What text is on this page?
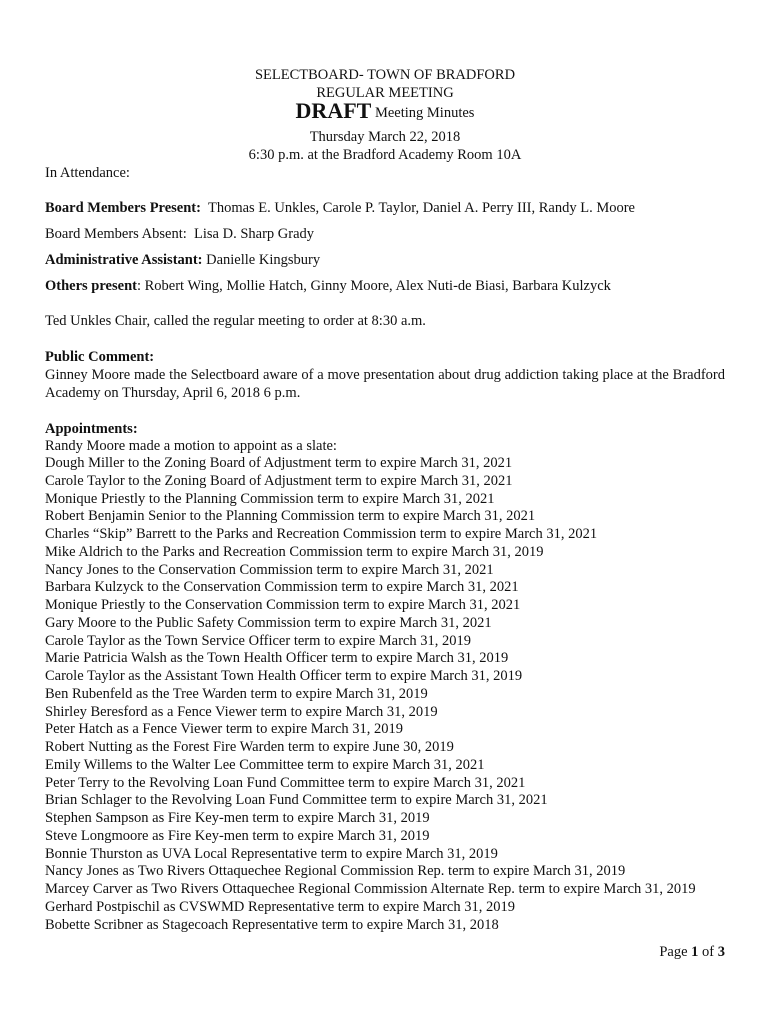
SELECTBOARD- TOWN OF BRADFORD
REGULAR MEETING
DRAFT Meeting Minutes
Thursday March 22, 2018
6:30 p.m. at the Bradford Academy Room 10A
In Attendance:
Board Members Present: Thomas E. Unkles, Carole P. Taylor, Daniel A. Perry III, Randy L. Moore
Board Members Absent: Lisa D. Sharp Grady
Administrative Assistant: Danielle Kingsbury
Others present: Robert Wing, Mollie Hatch, Ginny Moore, Alex Nuti-de Biasi, Barbara Kulzyck
Ted Unkles Chair, called the regular meeting to order at 8:30 a.m.
Public Comment:
Ginney Moore made the Selectboard aware of a move presentation about drug addiction taking place at the Bradford Academy on Thursday, April 6, 2018 6 p.m.
Appointments:
Randy Moore made a motion to appoint as a slate:
Dough Miller to the Zoning Board of Adjustment term to expire March 31, 2021
Carole Taylor to the Zoning Board of Adjustment term to expire March 31, 2021
Monique Priestly to the Planning Commission term to expire March 31, 2021
Robert Benjamin Senior to the Planning Commission term to expire March 31, 2021
Charles “Skip” Barrett to the Parks and Recreation Commission term to expire March 31, 2021
Mike Aldrich to the Parks and Recreation Commission term to expire March 31, 2019
Nancy Jones to the Conservation Commission term to expire March 31, 2021
Barbara Kulzyck to the Conservation Commission term to expire March 31, 2021
Monique Priestly to the Conservation Commission term to expire March 31, 2021
Gary Moore to the Public Safety Commission term to expire March 31, 2021
Carole Taylor as the Town Service Officer term to expire March 31, 2019
Marie Patricia Walsh as the Town Health Officer term to expire March 31, 2019
Carole Taylor as the Assistant Town Health Officer term to expire March 31, 2019
Ben Rubenfeld as the Tree Warden term to expire March 31, 2019
Shirley Beresford as a Fence Viewer term to expire March 31, 2019
Peter Hatch as a Fence Viewer term to expire March 31, 2019
Robert Nutting as the Forest Fire Warden term to expire June 30, 2019
Emily Willems to the Walter Lee Committee term to expire March 31, 2021
Peter Terry to the Revolving Loan Fund Committee term to expire March 31, 2021
Brian Schlager to the Revolving Loan Fund Committee term to expire March 31, 2021
Stephen Sampson as Fire Key-men term to expire March 31, 2019
Steve Longmoore as Fire Key-men term to expire March 31, 2019
Bonnie Thurston as UVA Local Representative term to expire March 31, 2019
Nancy Jones as Two Rivers Ottaquechee Regional Commission Rep. term to expire March 31, 2019
Marcey Carver as Two Rivers Ottaquechee Regional Commission Alternate Rep. term to expire March 31, 2019
Gerhard Postpischil as CVSWMD Representative term to expire March 31, 2019
Bobette Scribner as Stagecoach Representative term to expire March 31, 2018
Page 1 of 3
